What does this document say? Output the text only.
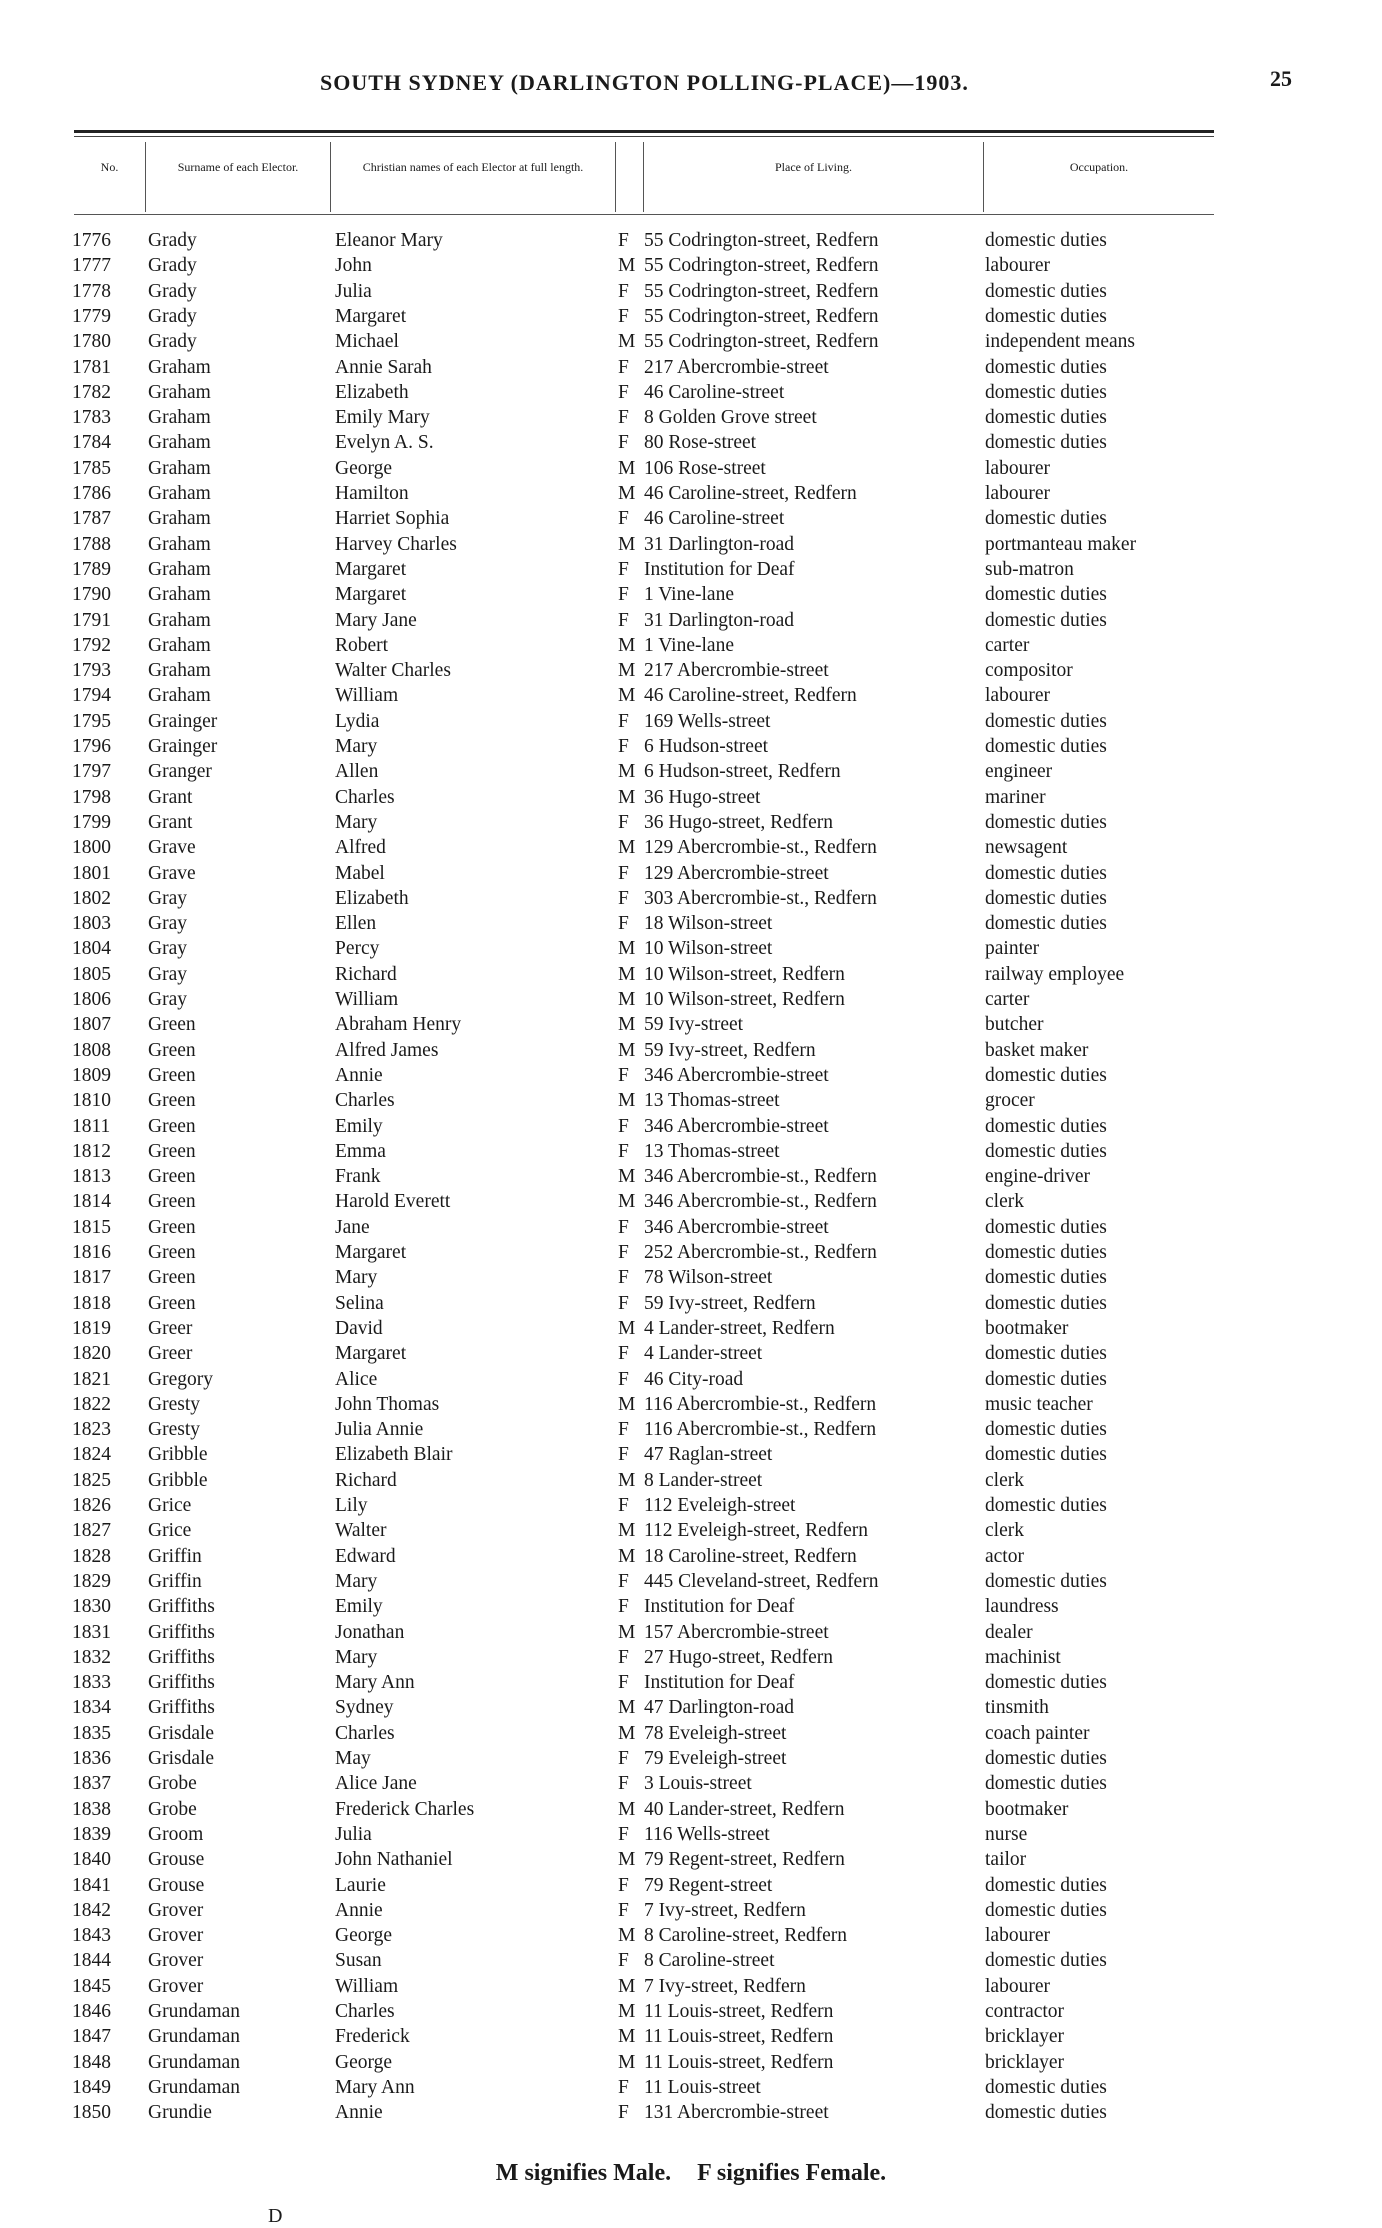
SOUTH SYDNEY (DARLINGTON POLLING-PLACE)—1903.	25
No.	Surname of each Elector.	Christian names of each Elector at full length.	Place of Living.	Occupation.
1776	Grady	Eleanor Mary	F 55 Codrington-street, Redfern	domestic duties
1777	Grady	John	M 55 Codrington-street, Redfern	labourer
1778	Grady	Julia	F 55 Codrington-street, Redfern	domestic duties
1779	Grady	Margaret	F 55 Codrington-street, Redfern	domestic duties
1780	Grady	Michael	M 55 Codrington-street, Redfern	independent means
1781	Graham	Annie Sarah	F 217 Abercrombie-street	domestic duties
1782	Graham	Elizabeth	F 46 Caroline-street	domestic duties
1783	Graham	Emily Mary	F 8 Golden Grove street	domestic duties
1784	Graham	Evelyn A. S.	F 80 Rose-street	domestic duties
1785	Graham	George	M 106 Rose-street	labourer
1786	Graham	Hamilton	M 46 Caroline-street, Redfern	labourer
1787	Graham	Harriet Sophia	F 46 Caroline-street	domestic duties
1788	Graham	Harvey Charles	M 31 Darlington-road	portmanteau maker
1789	Graham	Margaret	F Institution for Deaf	sub-matron
1790	Graham	Margaret	F 1 Vine-lane	domestic duties
1791	Graham	Mary Jane	F 31 Darlington-road	domestic duties
1792	Graham	Robert	M 1 Vine-lane	carter
1793	Graham	Walter Charles	M 217 Abercrombie-street	compositor
1794	Graham	William	M 46 Caroline-street, Redfern	labourer
1795	Grainger	Lydia	F 169 Wells-street	domestic duties
1796	Grainger	Mary	F 6 Hudson-street	domestic duties
1797	Granger	Allen	M 6 Hudson-street, Redfern	engineer
1798	Grant	Charles	M 36 Hugo-street	mariner
1799	Grant	Mary	F 36 Hugo-street, Redfern	domestic duties
1800	Grave	Alfred	M 129 Abercrombie-st., Redfern	newsagent
1801	Grave	Mabel	F 129 Abercrombie-street	domestic duties
1802	Gray	Elizabeth	F 303 Abercrombie-st., Redfern	domestic duties
1803	Gray	Ellen	F 18 Wilson-street	domestic duties
1804	Gray	Percy	M 10 Wilson-street	painter
1805	Gray	Richard	M 10 Wilson-street, Redfern	railway employee
1806	Gray	William	M 10 Wilson-street, Redfern	carter
1807	Green	Abraham Henry	M 59 Ivy-street	butcher
1808	Green	Alfred James	M 59 Ivy-street, Redfern	basket maker
1809	Green	Annie	F 346 Abercrombie-street	domestic duties
1810	Green	Charles	M 13 Thomas-street	grocer
1811	Green	Emily	F 346 Abercrombie-street	domestic duties
1812	Green	Emma	F 13 Thomas-street	domestic duties
1813	Green	Frank	M 346 Abercrombie-st., Redfern	engine-driver
1814	Green	Harold Everett	M 346 Abercrombie-st., Redfern	clerk
1815	Green	Jane	F 346 Abercrombie-street	domestic duties
1816	Green	Margaret	F 252 Abercrombie-st., Redfern	domestic duties
1817	Green	Mary	F 78 Wilson-street	domestic duties
1818	Green	Selina	F 59 Ivy-street, Redfern	domestic duties
1819	Greer	David	M 4 Lander-street, Redfern	bootmaker
1820	Greer	Margaret	F 4 Lander-street	domestic duties
1821	Gregory	Alice	F 46 City-road	domestic duties
1822	Gresty	John Thomas	M 116 Abercrombie-st., Redfern	music teacher
1823	Gresty	Julia Annie	F 116 Abercrombie-st., Redfern	domestic duties
1824	Gribble	Elizabeth Blair	F 47 Raglan-street	domestic duties
1825	Gribble	Richard	M 8 Lander-street	clerk
1826	Grice	Lily	F 112 Eveleigh-street	domestic duties
1827	Grice	Walter	M 112 Eveleigh-street, Redfern	clerk
1828	Griffin	Edward	M 18 Caroline-street, Redfern	actor
1829	Griffin	Mary	F 445 Cleveland-street, Redfern	domestic duties
1830	Griffiths	Emily	F Institution for Deaf	laundress
1831	Griffiths	Jonathan	M 157 Abercrombie-street	dealer
1832	Griffiths	Mary	F 27 Hugo-street, Redfern	machinist
1833	Griffiths	Mary Ann	F Institution for Deaf	domestic duties
1834	Griffiths	Sydney	M 47 Darlington-road	tinsmith
1835	Grisdale	Charles	M 78 Eveleigh-street	coach painter
1836	Grisdale	May	F 79 Eveleigh-street	domestic duties
1837	Grobe	Alice Jane	F 3 Louis-street	domestic duties
1838	Grobe	Frederick Charles	M 40 Lander-street, Redfern	bootmaker
1839	Groom	Julia	F 116 Wells-street	nurse
1840	Grouse	John Nathaniel	M 79 Regent-street, Redfern	tailor
1841	Grouse	Laurie	F 79 Regent-street	domestic duties
1842	Grover	Annie	F 7 Ivy-street, Redfern	domestic duties
1843	Grover	George	M 8 Caroline-street, Redfern	labourer
1844	Grover	Susan	F 8 Caroline-street	domestic duties
1845	Grover	William	M 7 Ivy-street, Redfern	labourer
1846	Grundaman	Charles	M 11 Louis-street, Redfern	contractor
1847	Grundaman	Frederick	M 11 Louis-street, Redfern	bricklayer
1848	Grundaman	George	M 11 Louis-street, Redfern	bricklayer
1849	Grundaman	Mary Ann	F 11 Louis-street	domestic duties
1850	Grundie	Annie	F 131 Abercrombie-street	domestic duties
M signifies Male. F signifies Female.
D
